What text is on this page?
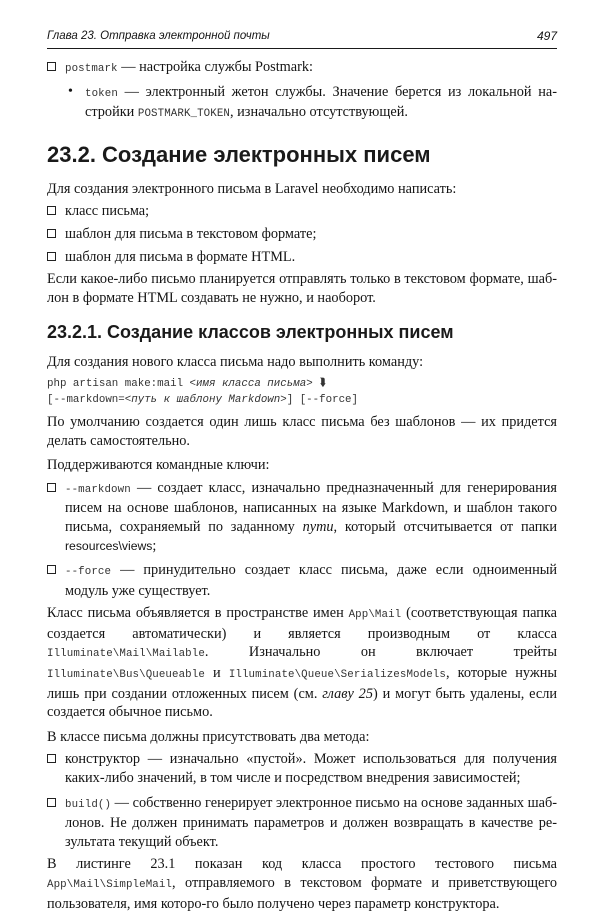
Глава 23. Отправка электронной почты	497
postmark — настройка службы Postmark:
• token — электронный жетон службы. Значение берется из локальной на-стройки POSTMARK_TOKEN, изначально отсутствующей.
23.2. Создание электронных писем

Для создания электронного письма в Laravel необходимо написать:

класс письма;
шаблон для письма в текстовом формате;
шаблон для письма в формате HTML.

Если какое-либо письмо планируется отправлять только в текстовом формате, шаб-лон в формате HTML создавать не нужно, и наоборот.

23.2.1. Создание классов электронных писем

Для создания нового класса письма надо выполнить команду:

php artisan make:mail <имя класса письма> ⮯
[--markdown=<путь к шаблону Markdown>] [--force]

По умолчанию создается один лишь класс письма без шаблонов — их придется делать самостоятельно.

Поддерживаются командные ключи:

--markdown — создает класс, изначально предназначенный для генерирования писем на основе шаблонов, написанных на языке Markdown, и шаблон такого письма, сохраняемый по заданному пути, который отсчитывается от папки resources\views;
--force — принудительно создает класс письма, даже если одноименный модуль уже существует.

Класс письма объявляется в пространстве имен App\Mail (соответствующая папка создается автоматически) и является производным от класса Illuminate\Mail\Mailable. Изначально он включает трейты Illuminate\Bus\Queueable и Illuminate\Queue\SerializesModels, которые нужны лишь при создании отложенных писем (см. главу 25) и могут быть удалены, если создается обычное письмо.

В классе письма должны присутствовать два метода:

конструктор — изначально «пустой». Может использоваться для получения каких-либо значений, в том числе и посредством внедрения зависимостей;
build() — собственно генерирует электронное письмо на основе заданных шаб-лонов. Не должен принимать параметров и должен возвращать в качестве ре-зультата текущий объект.

В листинге 23.1 показан код класса простого тестового письма App\Mail\SimpleMail, отправляемого в текстовом формате и приветствующего пользователя, имя которо-го было получено через параметр конструктора.
